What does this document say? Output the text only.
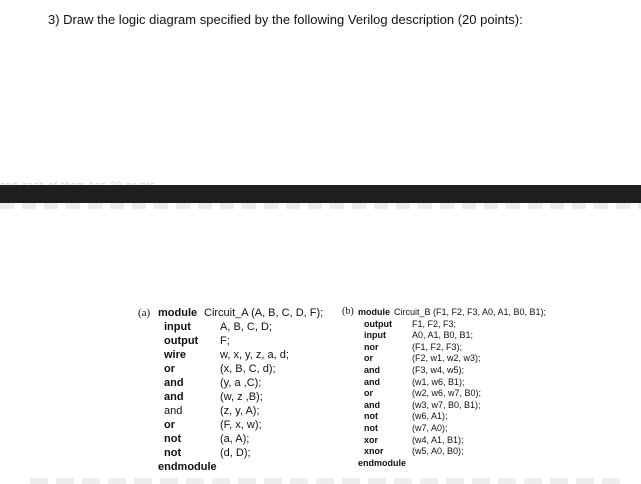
3) Draw the logic diagram specified by the following Verilog description (20 points):
(a) module Circuit_A (A, B, C, D, F);
input	A, B, C, D;
output F;
wire	w, x, y, z, a, d;
or	(x, B, C, d);
and	(y, a ,C);
and	(w, z ,B);
and	(z, y, A);
or	(F, x, w);
not	(a, A);
not	(d, D);
endmodule
(b) module Circuit_B (F1, F2, F3, A0, A1, B0, B1);
output F1, F2, F3;
input	A0, A1, B0, B1;
nor	(F1, F2, F3);
or	(F2, w1, w2, w3);
and	(F3, w4, w5);
and	(w1, w6, B1);
or	(w2, w6, w7, B0);
and	(w3, w7, B0, B1);
not	(w6, A1);
not	(w7, A0);
xor	(w4, A1, B1);
xnor	(w5, A0, B0);
endmodule
